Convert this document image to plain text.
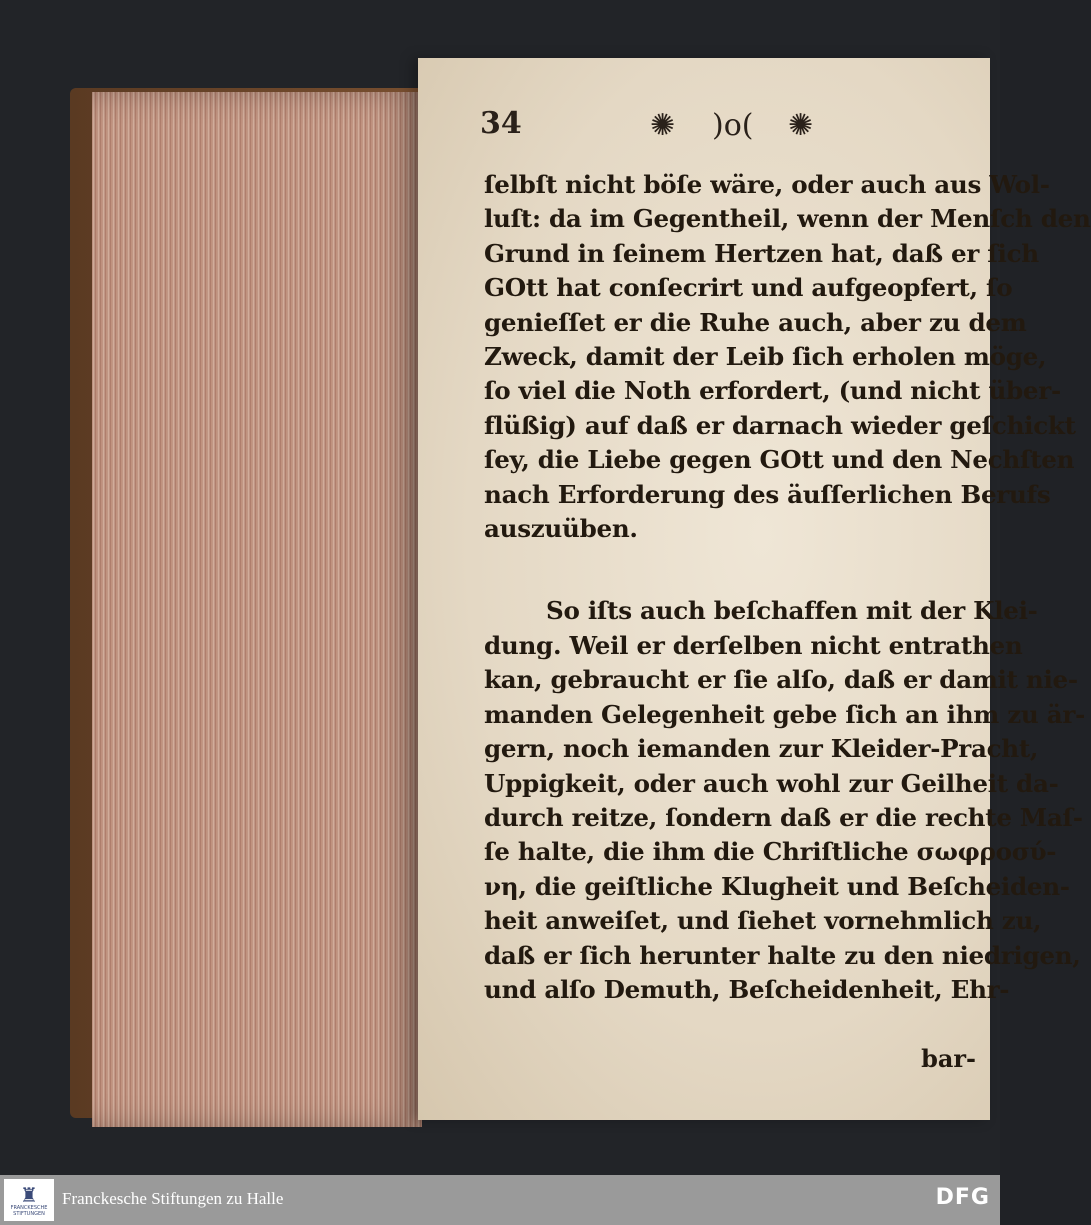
34	✺ )o( ✺
ſelbſt nicht böſe wäre, oder auch aus Wol-
luſt: da im Gegentheil, wenn der Menſch den
Grund in ſeinem Hertzen hat, daß er ſich
GOtt hat conſecrirt und aufgeopfert, ſo
genieſſet er die Ruhe auch, aber zu dem
Zweck, damit der Leib ſich erholen möge,
ſo viel die Noth erfordert, (und nicht über-
flüßig) auf daß er darnach wieder geſchickt
ſey, die Liebe gegen GOtt und den Nechſten
nach Erforderung des äuſſerlichen Berufs
auszuüben.
So iſts auch beſchaffen mit der Klei-
dung. Weil er derſelben nicht entrathen
kan, gebraucht er ſie alſo, daß er damit nie-
manden Gelegenheit gebe ſich an ihm zu är-
gern, noch iemanden zur Kleider-Pracht,
Uppigkeit, oder auch wohl zur Geilheit da-
durch reitze, ſondern daß er die rechte Maſ-
ſe halte, die ihm die Chriſtliche σωφροσύ-
νη, die geiſtliche Klugheit und Beſcheiden-
heit anweiſet, und ſiehet vornehmlich zu,
daß er ſich herunter halte zu den niedrigen,
und alſo Demuth, Beſcheidenheit, Ehr-
bar-
♜
FRANCKESCHE STIFTUNGEN
Franckesche Stiftungen zu Halle	DFG
